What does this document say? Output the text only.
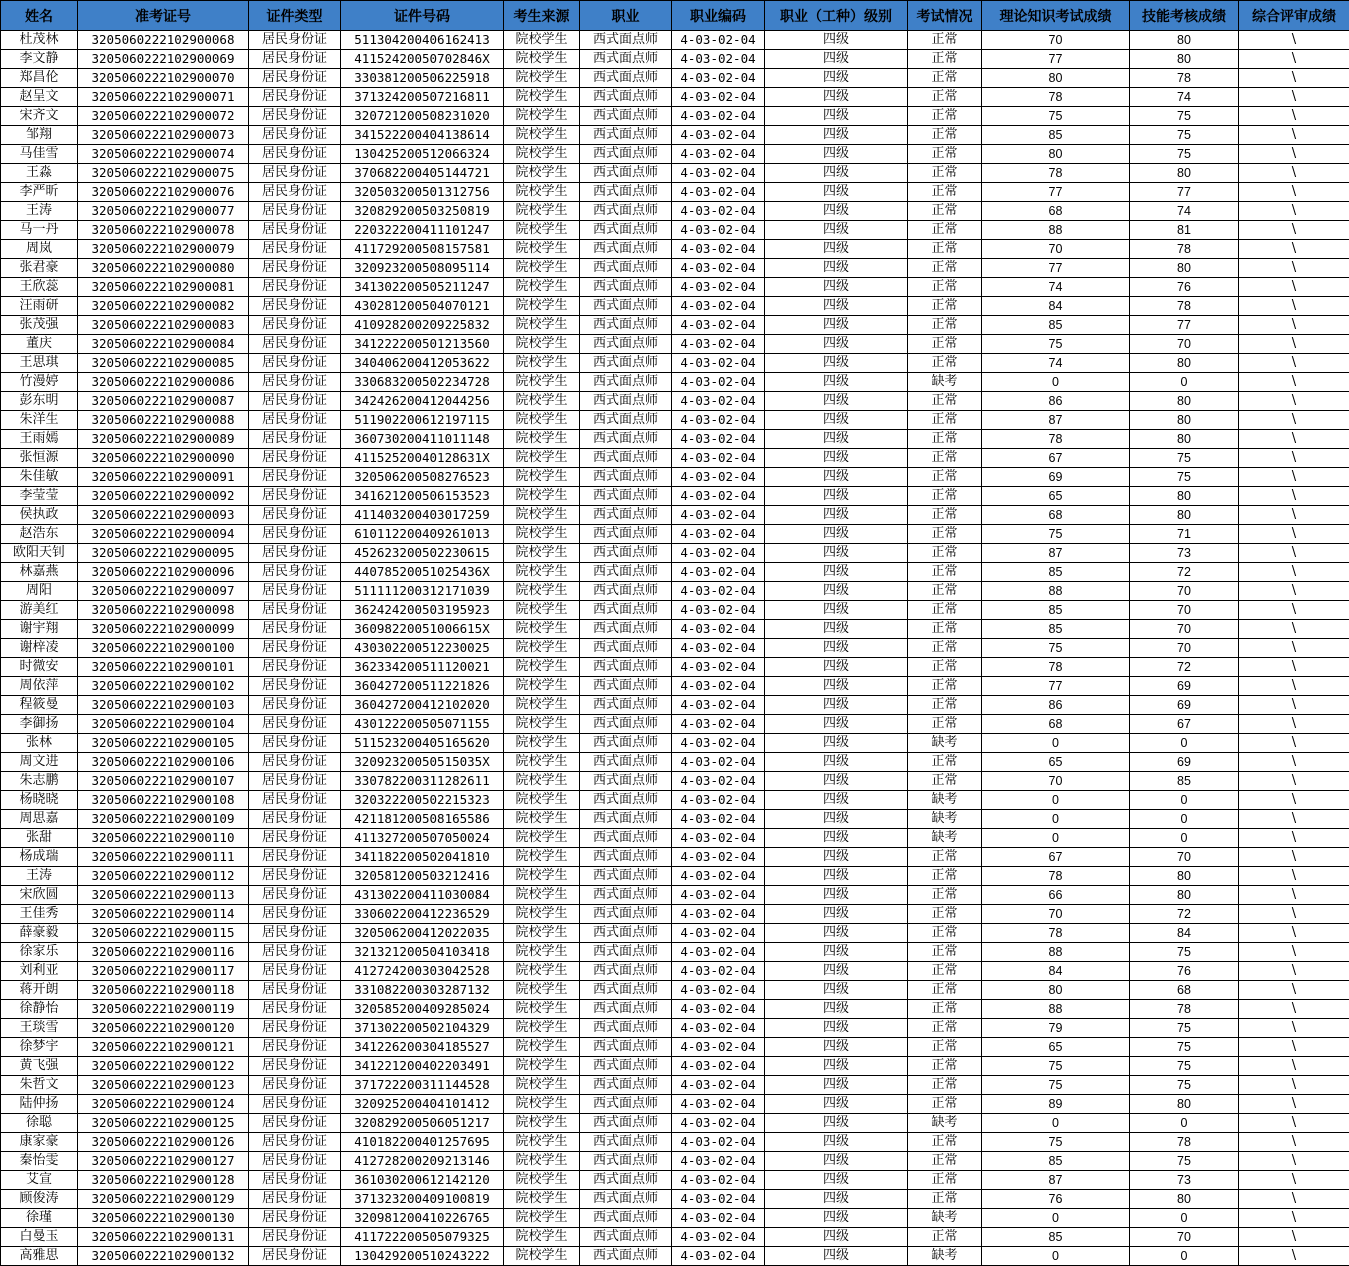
姓名	准考证号	证件类型	证件号码	考生来源	职业	职业编码	职业（工种）级别	考试情况	理论知识考试成绩	技能考核成绩	综合评审成绩
杜茂林	3205060222102900068	居民身份证	511304200406162413	院校学生	西式面点师	4-03-02-04	四级	正常	70	80	\
李文静	3205060222102900069	居民身份证	41152420050702846X	院校学生	西式面点师	4-03-02-04	四级	正常	77	80	\
郑昌伦	3205060222102900070	居民身份证	330381200506225918	院校学生	西式面点师	4-03-02-04	四级	正常	80	78	\
赵呈文	3205060222102900071	居民身份证	371324200507216811	院校学生	西式面点师	4-03-02-04	四级	正常	78	74	\
宋齐文	3205060222102900072	居民身份证	320721200508231020	院校学生	西式面点师	4-03-02-04	四级	正常	75	75	\
邹翔	3205060222102900073	居民身份证	341522200404138614	院校学生	西式面点师	4-03-02-04	四级	正常	85	75	\
马佳雪	3205060222102900074	居民身份证	130425200512066324	院校学生	西式面点师	4-03-02-04	四级	正常	80	75	\
王淼	3205060222102900075	居民身份证	370682200405144721	院校学生	西式面点师	4-03-02-04	四级	正常	78	80	\
李严昕	3205060222102900076	居民身份证	320503200501312756	院校学生	西式面点师	4-03-02-04	四级	正常	77	77	\
王涛	3205060222102900077	居民身份证	320829200503250819	院校学生	西式面点师	4-03-02-04	四级	正常	68	74	\
马一丹	3205060222102900078	居民身份证	220322200411101247	院校学生	西式面点师	4-03-02-04	四级	正常	88	81	\
周岚	3205060222102900079	居民身份证	411729200508157581	院校学生	西式面点师	4-03-02-04	四级	正常	70	78	\
张君豪	3205060222102900080	居民身份证	320923200508095114	院校学生	西式面点师	4-03-02-04	四级	正常	77	80	\
王欣蕊	3205060222102900081	居民身份证	341302200505211247	院校学生	西式面点师	4-03-02-04	四级	正常	74	76	\
汪雨研	3205060222102900082	居民身份证	430281200504070121	院校学生	西式面点师	4-03-02-04	四级	正常	84	78	\
张茂强	3205060222102900083	居民身份证	410928200209225832	院校学生	西式面点师	4-03-02-04	四级	正常	85	77	\
董庆	3205060222102900084	居民身份证	341222200501213560	院校学生	西式面点师	4-03-02-04	四级	正常	75	70	\
王思琪	3205060222102900085	居民身份证	340406200412053622	院校学生	西式面点师	4-03-02-04	四级	正常	74	80	\
竹漫婷	3205060222102900086	居民身份证	330683200502234728	院校学生	西式面点师	4-03-02-04	四级	缺考	0	0	\
彭东明	3205060222102900087	居民身份证	342426200412044256	院校学生	西式面点师	4-03-02-04	四级	正常	86	80	\
朱洋生	3205060222102900088	居民身份证	511902200612197115	院校学生	西式面点师	4-03-02-04	四级	正常	87	80	\
王雨嫣	3205060222102900089	居民身份证	360730200411011148	院校学生	西式面点师	4-03-02-04	四级	正常	78	80	\
张恒源	3205060222102900090	居民身份证	41152520040128631X	院校学生	西式面点师	4-03-02-04	四级	正常	67	75	\
朱佳敏	3205060222102900091	居民身份证	320506200508276523	院校学生	西式面点师	4-03-02-04	四级	正常	69	75	\
李莹莹	3205060222102900092	居民身份证	341621200506153523	院校学生	西式面点师	4-03-02-04	四级	正常	65	80	\
侯执政	3205060222102900093	居民身份证	411403200403017259	院校学生	西式面点师	4-03-02-04	四级	正常	68	80	\
赵浩东	3205060222102900094	居民身份证	610112200409261013	院校学生	西式面点师	4-03-02-04	四级	正常	75	71	\
欧阳天钊	3205060222102900095	居民身份证	452623200502230615	院校学生	西式面点师	4-03-02-04	四级	正常	87	73	\
林嘉燕	3205060222102900096	居民身份证	44078520051025436X	院校学生	西式面点师	4-03-02-04	四级	正常	85	72	\
周阳	3205060222102900097	居民身份证	511111200312171039	院校学生	西式面点师	4-03-02-04	四级	正常	88	70	\
游美红	3205060222102900098	居民身份证	362424200503195923	院校学生	西式面点师	4-03-02-04	四级	正常	85	70	\
谢宇翔	3205060222102900099	居民身份证	36098220051006615X	院校学生	西式面点师	4-03-02-04	四级	正常	85	70	\
谢梓凌	3205060222102900100	居民身份证	430302200512230025	院校学生	西式面点师	4-03-02-04	四级	正常	75	70	\
时微安	3205060222102900101	居民身份证	362334200511120021	院校学生	西式面点师	4-03-02-04	四级	正常	78	72	\
周依萍	3205060222102900102	居民身份证	360427200511221826	院校学生	西式面点师	4-03-02-04	四级	正常	77	69	\
程筱曼	3205060222102900103	居民身份证	360427200412102020	院校学生	西式面点师	4-03-02-04	四级	正常	86	69	\
李御扬	3205060222102900104	居民身份证	430122200505071155	院校学生	西式面点师	4-03-02-04	四级	正常	68	67	\
张林	3205060222102900105	居民身份证	511523200405165620	院校学生	西式面点师	4-03-02-04	四级	缺考	0	0	\
周文进	3205060222102900106	居民身份证	32092320050515035X	院校学生	西式面点师	4-03-02-04	四级	正常	65	69	\
朱志鹏	3205060222102900107	居民身份证	330782200311282611	院校学生	西式面点师	4-03-02-04	四级	正常	70	85	\
杨晓晓	3205060222102900108	居民身份证	320322200502215323	院校学生	西式面点师	4-03-02-04	四级	缺考	0	0	\
周思嘉	3205060222102900109	居民身份证	421181200508165586	院校学生	西式面点师	4-03-02-04	四级	缺考	0	0	\
张甜	3205060222102900110	居民身份证	411327200507050024	院校学生	西式面点师	4-03-02-04	四级	缺考	0	0	\
杨成瑞	3205060222102900111	居民身份证	341182200502041810	院校学生	西式面点师	4-03-02-04	四级	正常	67	70	\
王涛	3205060222102900112	居民身份证	320581200503212416	院校学生	西式面点师	4-03-02-04	四级	正常	78	80	\
宋欣圆	3205060222102900113	居民身份证	431302200411030084	院校学生	西式面点师	4-03-02-04	四级	正常	66	80	\
王佳秀	3205060222102900114	居民身份证	330602200412236529	院校学生	西式面点师	4-03-02-04	四级	正常	70	72	\
薛豪毅	3205060222102900115	居民身份证	320506200412022035	院校学生	西式面点师	4-03-02-04	四级	正常	78	84	\
徐家乐	3205060222102900116	居民身份证	321321200504103418	院校学生	西式面点师	4-03-02-04	四级	正常	88	75	\
刘利亚	3205060222102900117	居民身份证	412724200303042528	院校学生	西式面点师	4-03-02-04	四级	正常	84	76	\
蒋开朗	3205060222102900118	居民身份证	331082200303287132	院校学生	西式面点师	4-03-02-04	四级	正常	80	68	\
徐静怡	3205060222102900119	居民身份证	320585200409285024	院校学生	西式面点师	4-03-02-04	四级	正常	88	78	\
王琰雪	3205060222102900120	居民身份证	371302200502104329	院校学生	西式面点师	4-03-02-04	四级	正常	79	75	\
徐梦宇	3205060222102900121	居民身份证	341226200304185527	院校学生	西式面点师	4-03-02-04	四级	正常	65	75	\
黄飞强	3205060222102900122	居民身份证	341221200402203491	院校学生	西式面点师	4-03-02-04	四级	正常	75	75	\
朱哲文	3205060222102900123	居民身份证	371722200311144528	院校学生	西式面点师	4-03-02-04	四级	正常	75	75	\
陆仲扬	3205060222102900124	居民身份证	320925200404101412	院校学生	西式面点师	4-03-02-04	四级	正常	89	80	\
徐聪	3205060222102900125	居民身份证	320829200506051217	院校学生	西式面点师	4-03-02-04	四级	缺考	0	0	\
康家豪	3205060222102900126	居民身份证	410182200401257695	院校学生	西式面点师	4-03-02-04	四级	正常	75	78	\
秦怡雯	3205060222102900127	居民身份证	412728200209213146	院校学生	西式面点师	4-03-02-04	四级	正常	85	75	\
艾宣	3205060222102900128	居民身份证	361030200612142120	院校学生	西式面点师	4-03-02-04	四级	正常	87	73	\
顾俊涛	3205060222102900129	居民身份证	371323200409100819	院校学生	西式面点师	4-03-02-04	四级	正常	76	80	\
徐瑾	3205060222102900130	居民身份证	320981200410226765	院校学生	西式面点师	4-03-02-04	四级	缺考	0	0	\
白曼玉	3205060222102900131	居民身份证	411722200505079325	院校学生	西式面点师	4-03-02-04	四级	正常	85	70	\
高雅思	3205060222102900132	居民身份证	130429200510243222	院校学生	西式面点师	4-03-02-04	四级	缺考	0	0	\
